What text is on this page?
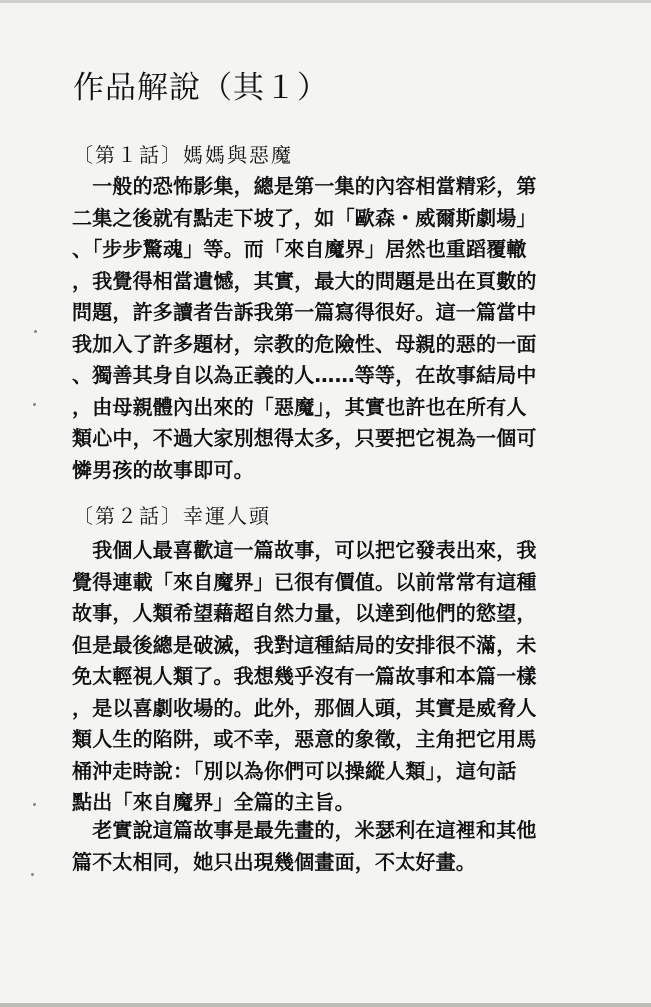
作品解說（其１）
〔第１話〕媽媽與惡魔

　一般的恐怖影集，總是第一集的內容相當精彩，第
二集之後就有點走下坡了，如「歐森・威爾斯劇場」
、「步步驚魂」等。而「來自魔界」居然也重蹈覆轍
，我覺得相當遺憾，其實，最大的問題是出在頁數的
問題，許多讀者告訴我第一篇寫得很好。這一篇當中
我加入了許多題材，宗教的危險性、母親的惡的一面
、獨善其身自以為正義的人……等等，在故事結局中
，由母親體內出來的「惡魔」，其實也許也在所有人
類心中，不過大家別想得太多，只要把它視為一個可
憐男孩的故事即可。

〔第２話〕幸運人頭

　我個人最喜歡這一篇故事，可以把它發表出來，我
覺得連載「來自魔界」已很有價值。以前常常有這種
故事，人類希望藉超自然力量，以達到他們的慾望，
但是最後總是破滅，我對這種結局的安排很不滿，未
免太輕視人類了。我想幾乎沒有一篇故事和本篇一樣
，是以喜劇收場的。此外，那個人頭，其實是威脅人
類人生的陷阱，或不幸，惡意的象徵，主角把它用馬
桶沖走時說：「別以為你們可以操縱人類」，這句話
點出「來自魔界」全篇的主旨。

　老實說這篇故事是最先畫的，米瑟利在這裡和其他
篇不太相同，她只出現幾個畫面，不太好畫。
